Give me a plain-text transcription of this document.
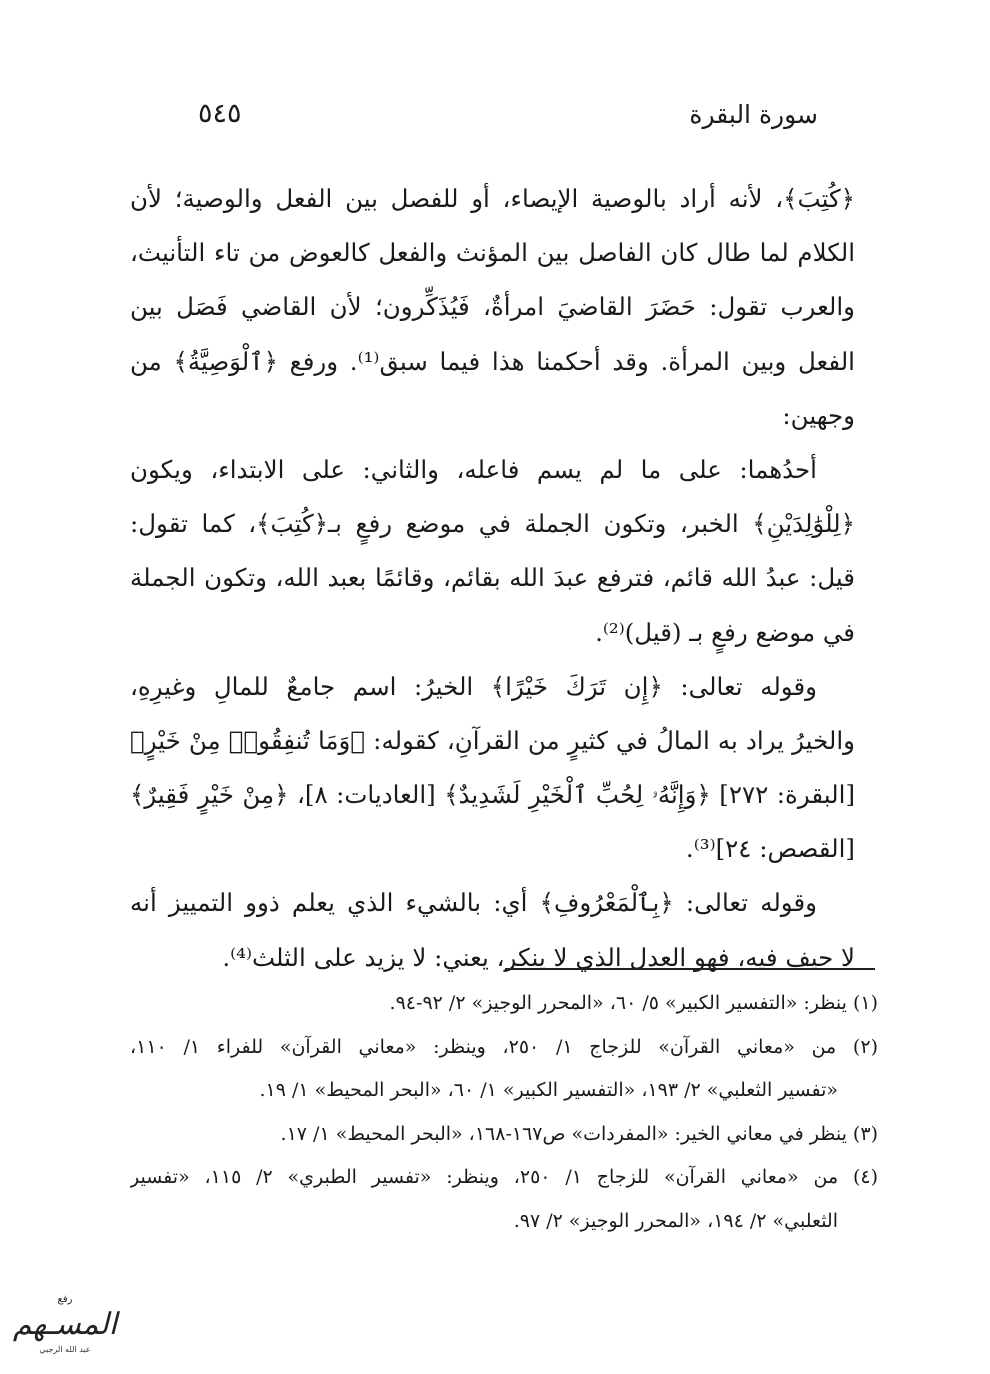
سورة البقرة
٥٤٥
﴿كُتِبَ﴾، لأنه أراد بالوصية الإيصاء، أو للفصل بين الفعل والوصية؛ لأن
الكلام لما طال كان الفاصل بين المؤنث والفعل كالعوض من تاء التأنيث،
والعرب تقول: حَضَرَ القاضيَ امرأةٌ، فَيُذَكِّرون؛ لأن القاضي فَصَل بين
الفعل وبين المرأة. وقد أحكمنا هذا فيما سبق⁽¹⁾. ورفع ﴿ٱلْوَصِيَّةُ﴾ من
وجهين:
أحدُهما: على ما لم يسم فاعله، والثاني: على الابتداء، ويكون
﴿لِلْوَٰلِدَيْنِ﴾ الخبر، وتكون الجملة في موضع رفعٍ بـ﴿كُتِبَ﴾، كما تقول:
قيل: عبدُ الله قائم، فترفع عبدَ الله بقائم، وقائمًا بعبد الله، وتكون الجملة
في موضع رفعٍ بـ (قيل)⁽²⁾.
وقوله تعالى: ﴿إِن تَرَكَ خَيْرًا﴾ الخيرُ: اسم جامعٌ للمالِ وغيرِهِ،
والخيرُ يراد به المالُ في كثيرٍ من القرآنِ، كقوله: ﴿وَمَا تُنفِقُوا۟ مِنْ خَيْرٍ﴾
[البقرة: ٢٧٢] ﴿وَإِنَّهُۥ لِحُبِّ ٱلْخَيْرِ لَشَدِيدٌ﴾ [العاديات: ٨]، ﴿مِنْ خَيْرٍ فَقِيرٌ﴾
[القصص: ٢٤]⁽³⁾.
وقوله تعالى: ﴿بِٱلْمَعْرُوفِ﴾ أي: بالشيء الذي يعلم ذوو التمييز أنه
لا حيف فيه، فهو العدل الذي لا ينكر، يعني: لا يزيد على الثلث⁽⁴⁾.
(١) ينظر: «التفسير الكبير» ٥/ ٦٠، «المحرر الوجيز» ٢/ ٩٢-٩٤.
(٢) من «معاني القرآن» للزجاج ١/ ٢٥٠، وينظر: «معاني القرآن» للفراء ١/ ١١٠،
«تفسير الثعلبي» ٢/ ١٩٣، «التفسير الكبير» ١/ ٦٠، «البحر المحيط» ١/ ١٩.
(٣) ينظر في معاني الخير: «المفردات» ص١٦٧-١٦٨، «البحر المحيط» ١/ ١٧.
(٤) من «معاني القرآن» للزجاج ١/ ٢٥٠، وينظر: «تفسير الطبري» ٢/ ١١٥، «تفسير
الثعلبي» ٢/ ١٩٤، «المحرر الوجيز» ٢/ ٩٧.
رفع
المسـهم
عبد الله الرجبي
